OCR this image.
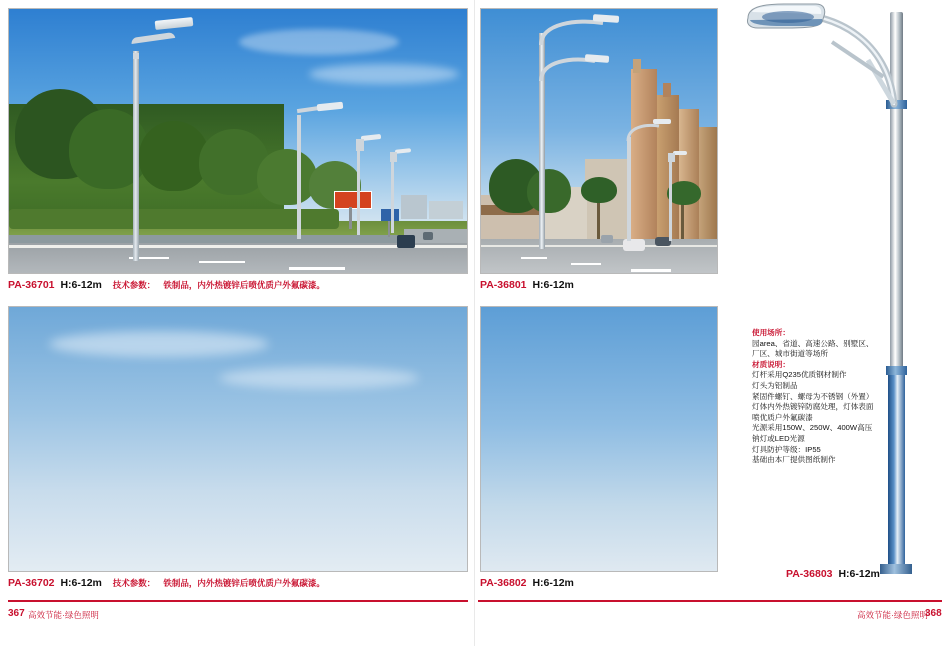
PA-36701 H:6-12m 技术参数： 铁制品，内外热镀锌后喷优质户外氟碳漆。	PA-36801 H:6-12m
PA-36702 H:6-12m 技术参数： 铁制品，内外热镀锌后喷优质户外氟碳漆。	PA-36802 H:6-12m
PA-36803 H:6-12m
使用场所：
园area、省道、高速公路、别墅区、
厂区、城市街道等场所
材质说明：
灯杆采用Q235优质钢材制作
灯头为铝制品
紧固件螺钉、螺母为不锈钢（外置）
灯体内外热镀锌防腐处理，灯体表面
喷优质户外氟碳漆
光源采用150W、250W、400W高压
钠灯或LED光源
灯具防护等级：IP55
基础由本厂提供图纸制作
367 高效节能·绿色照明	高效节能·绿色照明
368
